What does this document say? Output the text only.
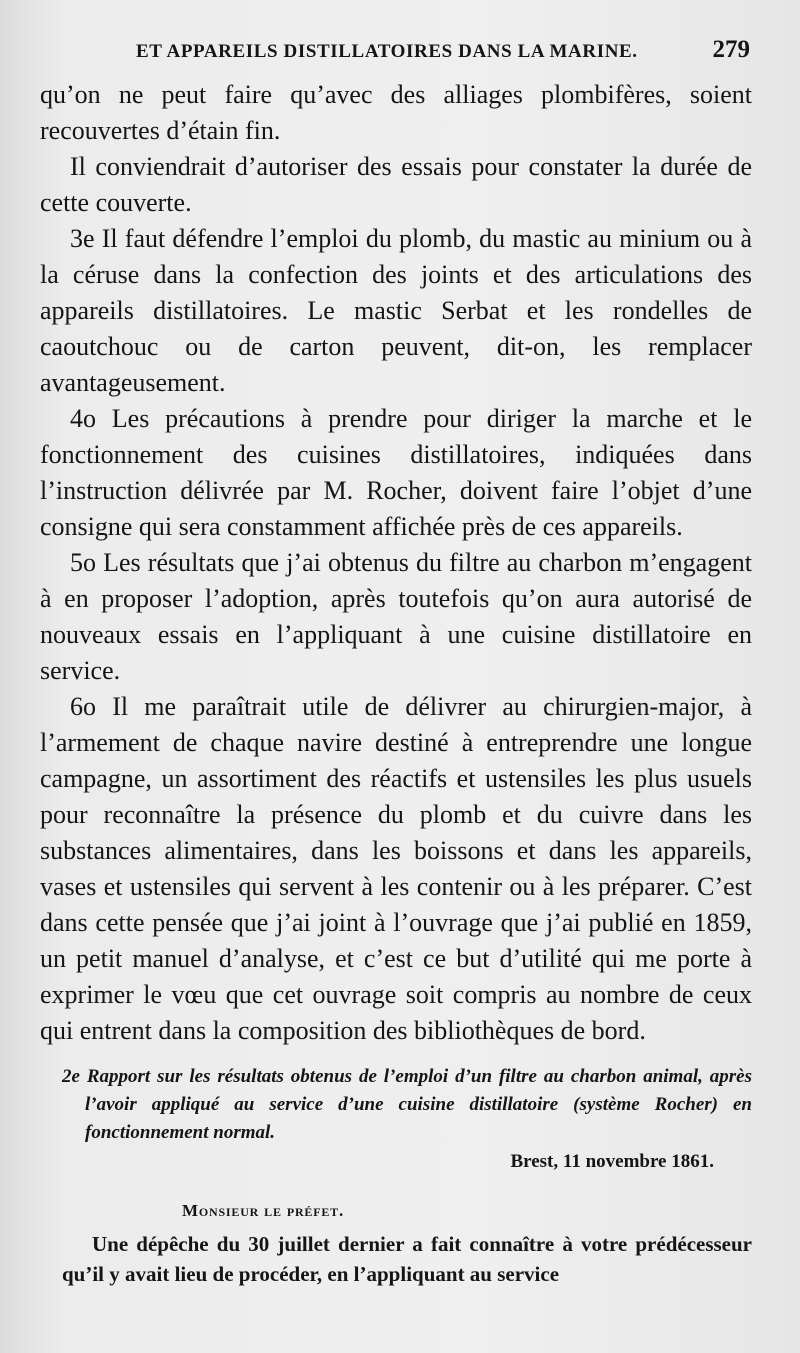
ET APPAREILS DISTILLATOIRES DANS LA MARINE.	279

qu’on ne peut faire qu’avec des alliages plombifères, soient recouvertes d’étain fin.

Il conviendrait d’autoriser des essais pour constater la durée de cette couverte.

3e Il faut défendre l’emploi du plomb, du mastic au minium ou à la céruse dans la confection des joints et des articulations des appareils distillatoires. Le mastic Serbat et les rondelles de caoutchouc ou de carton peuvent, dit-on, les remplacer avantageusement.

4o Les précautions à prendre pour diriger la marche et le fonctionnement des cuisines distillatoires, indiquées dans l’instruction délivrée par M. Rocher, doivent faire l’objet d’une consigne qui sera constamment affichée près de ces appareils.

5o Les résultats que j’ai obtenus du filtre au charbon m’engagent à en proposer l’adoption, après toutefois qu’on aura autorisé de nouveaux essais en l’appliquant à une cuisine distillatoire en service.

6o Il me paraîtrait utile de délivrer au chirurgien-major, à l’armement de chaque navire destiné à entreprendre une longue campagne, un assortiment des réactifs et ustensiles les plus usuels pour reconnaître la présence du plomb et du cuivre dans les substances alimentaires, dans les boissons et dans les appareils, vases et ustensiles qui servent à les contenir ou à les préparer. C’est dans cette pensée que j’ai joint à l’ouvrage que j’ai publié en 1859, un petit manuel d’analyse, et c’est ce but d’utilité qui me porte à exprimer le vœu que cet ouvrage soit compris au nombre de ceux qui entrent dans la composition des bibliothèques de bord.

2e Rapport sur les résultats obtenus de l’emploi d’un filtre au charbon animal, après l’avoir appliqué au service d’une cuisine distillatoire (système Rocher) en fonctionnement normal.
Brest, 11 novembre 1861.
Monsieur le préfet.

Une dépêche du 30 juillet dernier a fait connaître à votre prédécesseur qu’il y avait lieu de procéder, en l’appliquant au service
